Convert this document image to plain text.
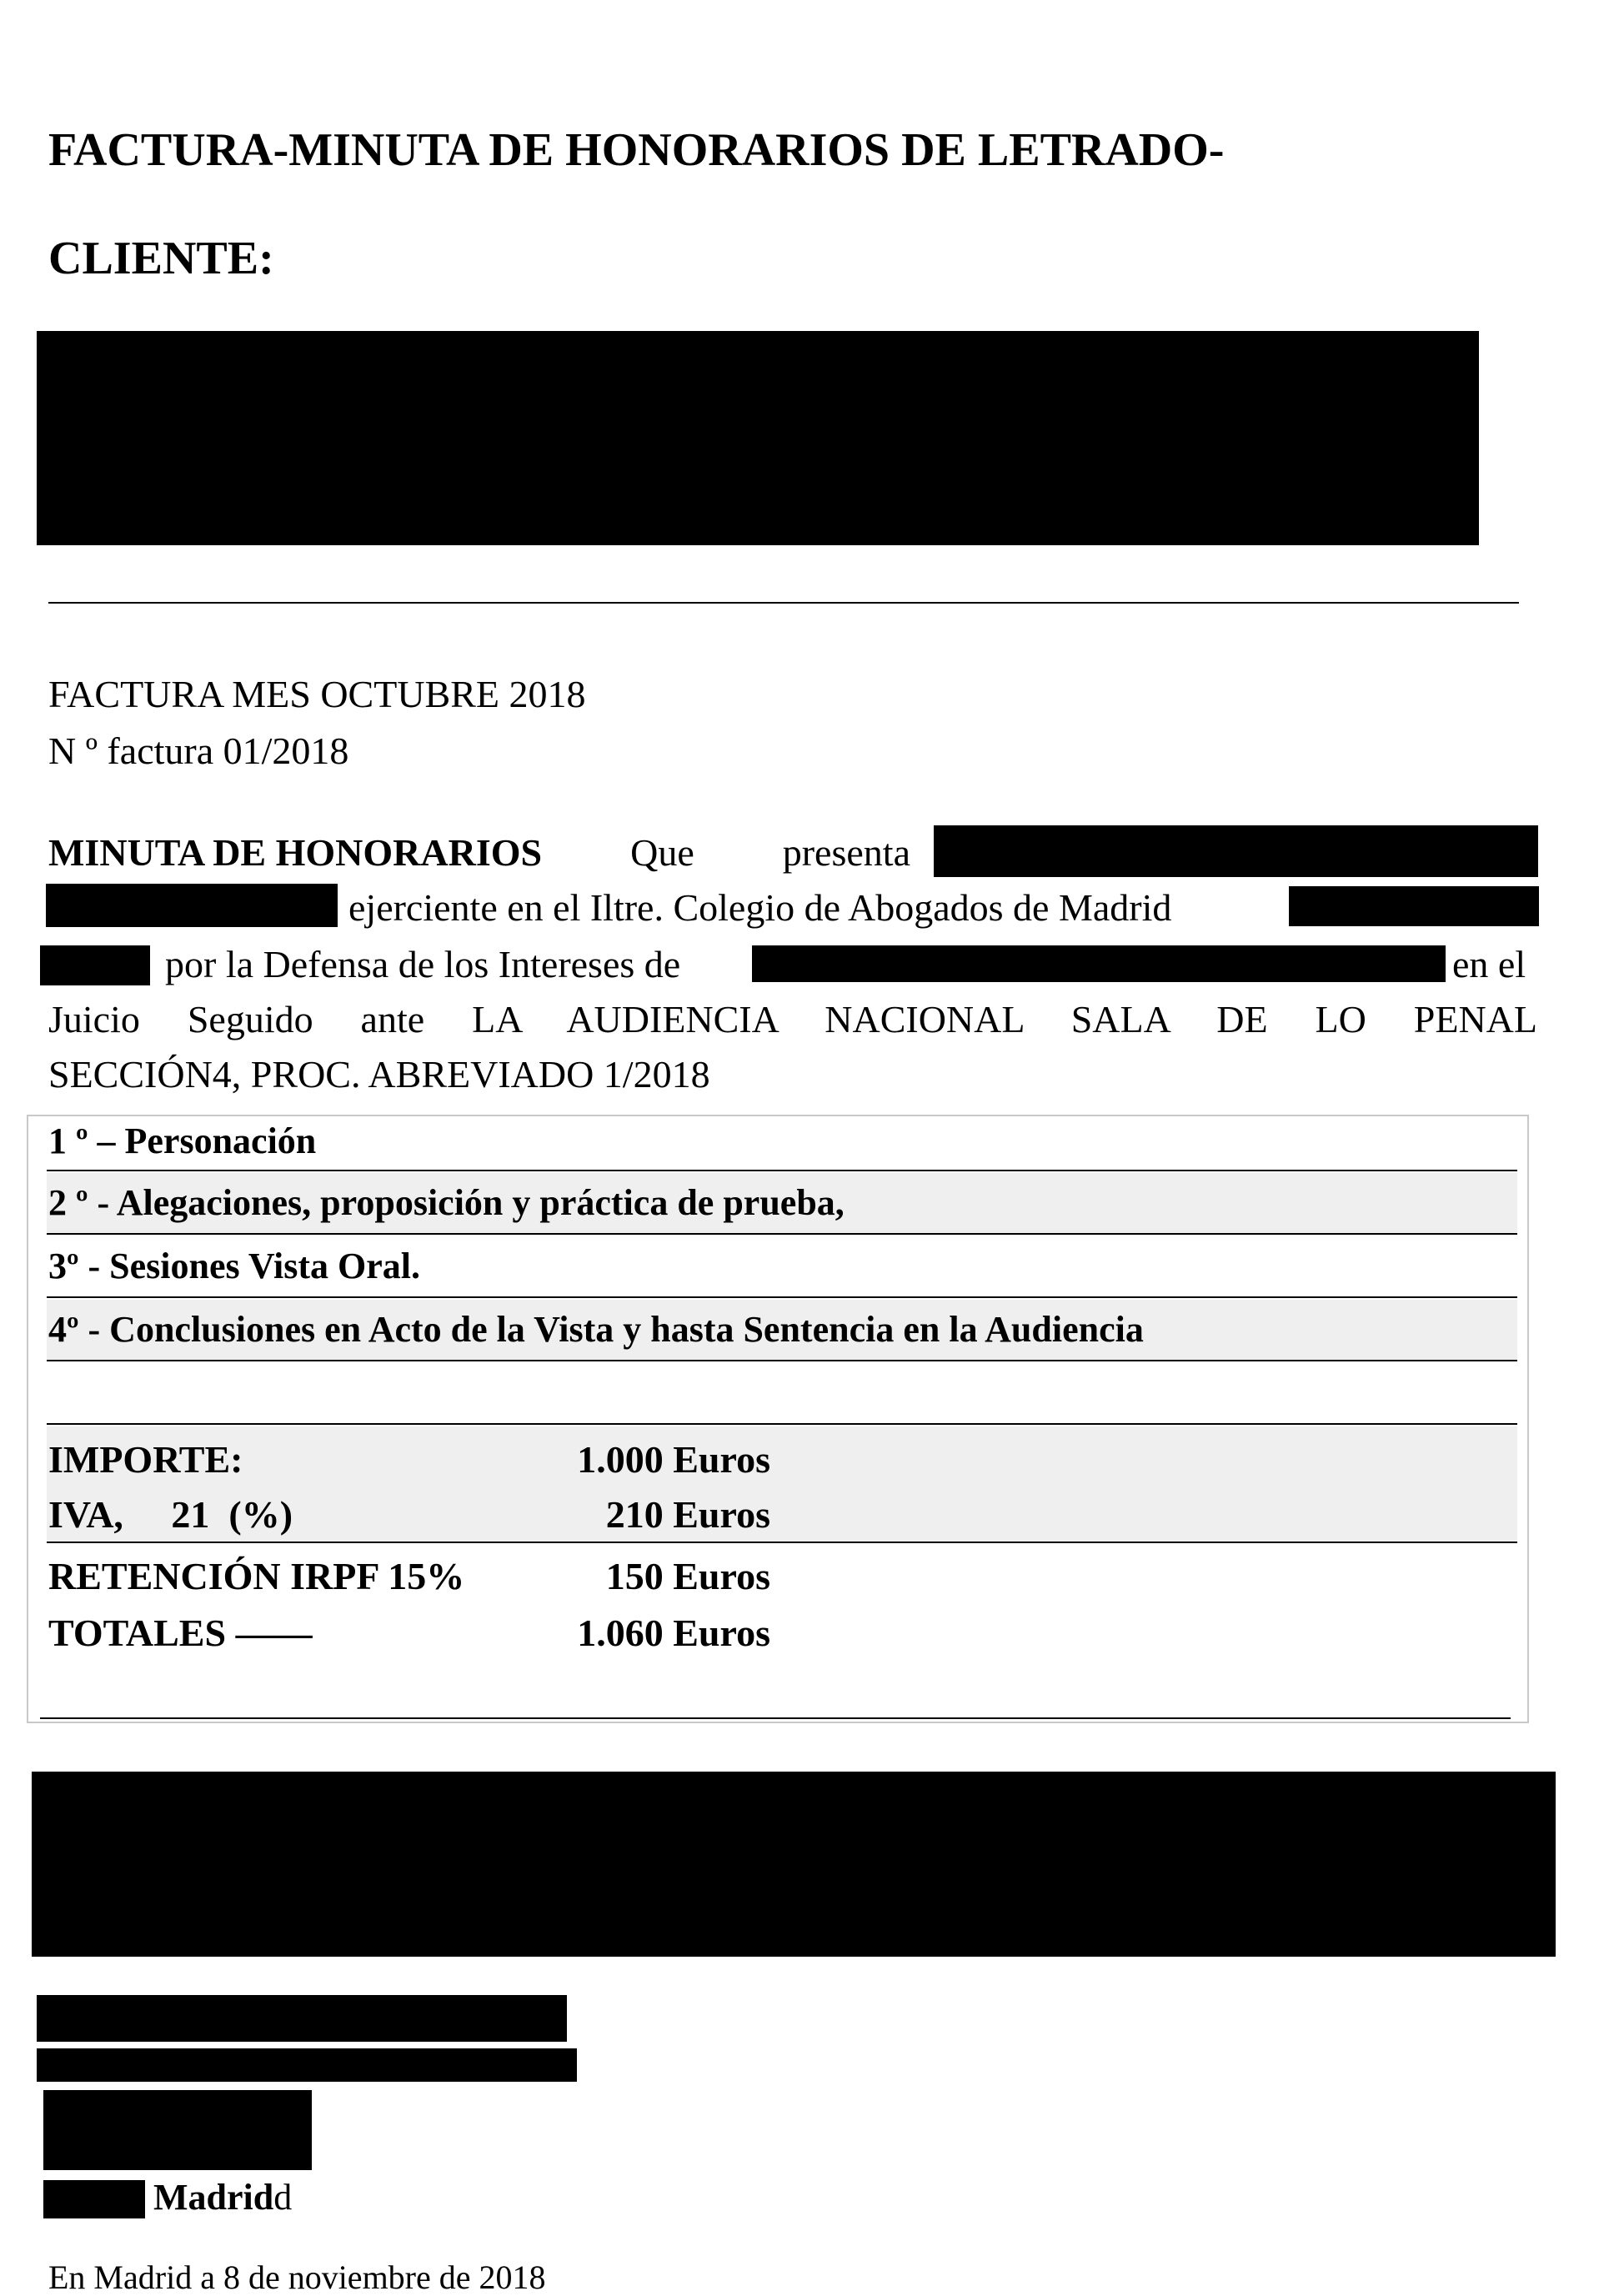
FACTURA-MINUTA DE HONORARIOS DE LETRADO-
CLIENTE:
FACTURA MES OCTUBRE 2018
N º factura 01/2018
MINUTA DE HONORARIOS Que presenta
ejerciente en el Iltre. Colegio de Abogados de Madrid
por la Defensa de los Intereses de	en el
Juicio Seguido ante LA AUDIENCIA NACIONAL SALA DE LO PENAL
SECCIÓN4, PROC. ABREVIADO 1/2018
1 º – Personación
2 º - Alegaciones, proposición y práctica de prueba,
3º - Sesiones Vista Oral.
4º - Conclusiones en Acto de la Vista y hasta Sentencia en la Audiencia
IMPORTE:	1.000 Euros
IVA,     21  (%)	210 Euros
RETENCIÓN IRPF 15%	150 Euros
TOTALES ——	1.060 Euros
Madridd
En Madrid a 8 de noviembre de 2018
